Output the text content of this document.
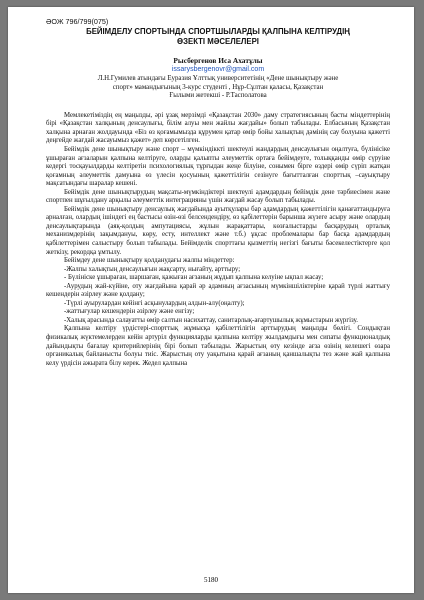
ӘОЖ 796/799(075)

БЕЙІМДЕЛУ СПОРТЫНДА СПОРТШЫЛАРДЫ ҚАЛПЫНА КЕЛТІРУДІҢ
ӨЗЕКТІ МӘСЕЛЕЛЕРІ

Рысбергенов Иса Ахатұлы

issarysbergenovr@gmail.com

Л.Н.Гумилев атындағы Еуразия Ұлттық университетінің «Дене шынықтыру және
спорт» мамандығының 3-курс студенті , Нұр-Сұлтан қаласы, Қазақстан
Ғылыми жетекші - Р.Тасполатова

Мемлекетіміздің ең маңызды, әрі ұзақ мерзімді «Қазақстан 2030» даму стратегиясының басты міндеттерінің бірі «Қазақстан халқының денсаулығы, білім алуы мен жайлы жағдайы» болып табылады. Елбасының Қазақстан халқына арнаған жолдауында «Біз өз қоғамымызда құрумен қатар өмір бойы халықтың дәмінің сау болуына қажетті деңгейде жағдай жасауымыз қажет» деп көрсетілген.

Бейімдік дене шынықтыру және спорт – мүмкіндіккті шектеулі жандардың денсаулығын оңалтуға, бүлінісіке ұшыраған ағзаларын қалпына келтіруге, оларды қалыпты әлеуметтік ортаға бейімдеуге, толыққанды өмір сүруіне кедергі тосқауылдарды келтіретін психологиялық тұрғыдан жеңе білуіне, сонымен бірге өздері өмір сүріп жатқан қоғамның әлеуметтік дамуына өз үлесін қосуының қажеттілігін сезінуге бағытталған спорттық –сауықтыру мақсатындағы шаралар кешені.

Бейімдік дене шынықтырудың мақсаты-мүмкіндіктері шектеулі адамдардың бейімдік дене тәрбиесімен және спортпен шұғылдану арқылы әлеуметтік интеграцияны үшін жағдай жасау болып табылады.

Бейімдік дене шынықтыру денсаулық жағдайында ауытқулары бар адамдардың қажеттілігін қанағаттандыруға арналған, олардың ішіндегі ең бастысы өзін-өзі белсендендіру, өз қабілеттерін барынша жүзеге асыру және олардың денсаулықтарында (аяқ-қолдың ампутациясы, жұлын жарақаттары, көзғалыстарды басқарудың орталық механизмдерінің зақымдануы, көру, есту, интеллект және т.б.) ұқсас проблемалары бар басқа адамдардың қабілеттерімен салыстыру болып табылады. Бейімделік спорттағы қызметтің негізгі бағыты бәсекелестіктерге қол жеткізу, рекордқа ұмтылу.

Бейімдеу дене шынықтыру қолданудағы жалпы міндеттер:

-Жалпы халықтың денсаулығын жақсарту, нығайту, арттыру;

- Бүлініске ұшыраған, шаршаған, қажыған ағзаның жұдып қалпына келуіне ықпал жасау;

-Аурудың жай-күйіне, оту жағдайына қарай әр адамның ағзасының мүмкіншіліктеріне қарай түрлі жаттығу кешендерін әзірлеу және қолдану;

-Түрлі ауырулардан кейінгі асқынулардың алдын-алу(оңалту);

-жаттығулар кешендерін әзірлеу және енгізу;

-Халық арасында салауатты өмір салтын насихаттау, санитарлық-ағартушылық жұмыстарын жүргізу.

Қалпына келтіру үрдістері-спорттық жұмысқа қабілеттілігін арттырудың маңызды бөлігі. Сондықтан физикалық жүктемелерден кейін артуріл функцияларды қалпына келтіру жылдамдығы мен сипаты функционалдық дайындықты бағалау критерийлерінің бірі болып табылады. Жарыстың өту кезінде ағза өзінің келешегі өзара органикалық байланысты болуы тиіс. Жарыстың оту уақытына қарай ағзаның қаншалықты тез және жай қалпына келу үрдісін ажырата білу керек. Жедел қалпына

5180
